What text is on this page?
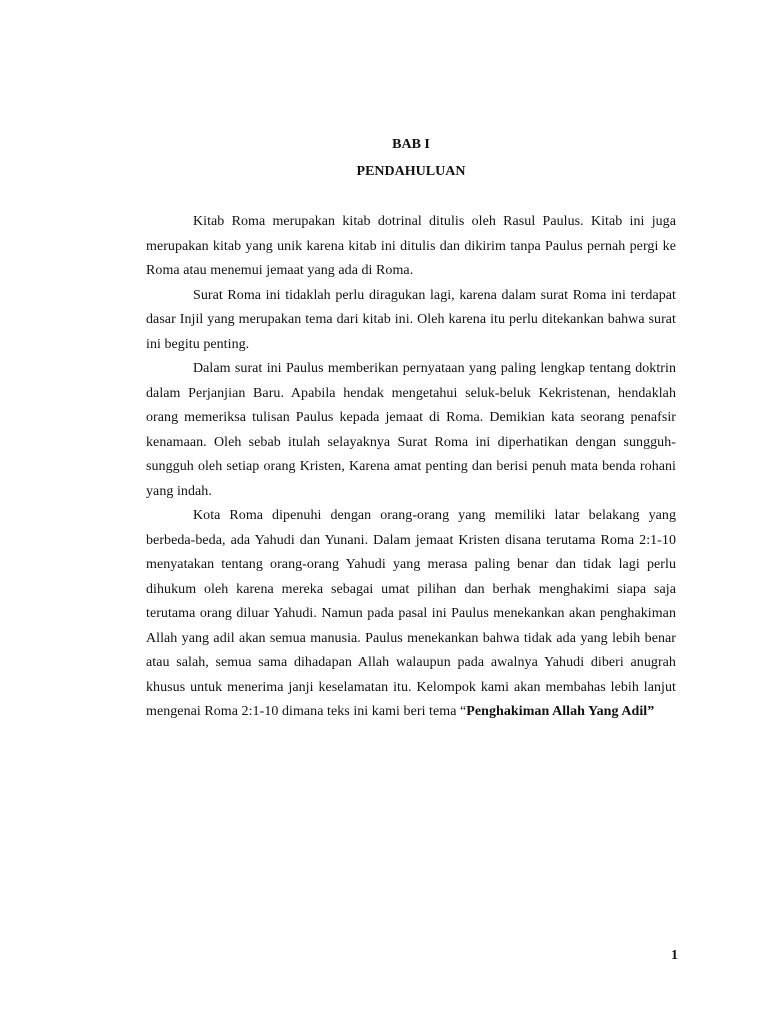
BAB I
PENDAHULUAN

Kitab Roma merupakan kitab dotrinal ditulis oleh Rasul Paulus. Kitab ini juga merupakan kitab yang unik karena kitab ini ditulis dan dikirim tanpa Paulus pernah pergi ke Roma atau menemui jemaat yang ada di Roma.

Surat Roma ini tidaklah perlu diragukan lagi, karena dalam surat Roma ini terdapat dasar Injil yang merupakan tema dari kitab ini. Oleh karena itu perlu ditekankan bahwa surat ini begitu penting.

Dalam surat ini Paulus memberikan pernyataan yang paling lengkap tentang doktrin dalam Perjanjian Baru. Apabila hendak mengetahui seluk-beluk Kekristenan, hendaklah orang memeriksa tulisan Paulus kepada jemaat di Roma. Demikian kata seorang penafsir kenamaan. Oleh sebab itulah selayaknya Surat Roma ini diperhatikan dengan sungguh-sungguh oleh setiap orang Kristen, Karena amat penting dan berisi penuh mata benda rohani yang indah.

Kota Roma dipenuhi dengan orang-orang yang memiliki latar belakang yang berbeda-beda, ada Yahudi dan Yunani. Dalam jemaat Kristen disana terutama Roma 2:1-10 menyatakan tentang orang-orang Yahudi yang merasa paling benar dan tidak lagi perlu dihukum oleh karena mereka sebagai umat pilihan dan berhak menghakimi siapa saja terutama orang diluar Yahudi. Namun pada pasal ini Paulus menekankan akan penghakiman Allah yang adil akan semua manusia. Paulus menekankan bahwa tidak ada yang lebih benar atau salah, semua sama dihadapan Allah walaupun pada awalnya Yahudi diberi anugrah khusus untuk menerima janji keselamatan itu. Kelompok kami akan membahas lebih lanjut mengenai Roma 2:1-10 dimana teks ini kami beri tema “Penghakiman Allah Yang Adil”

1
